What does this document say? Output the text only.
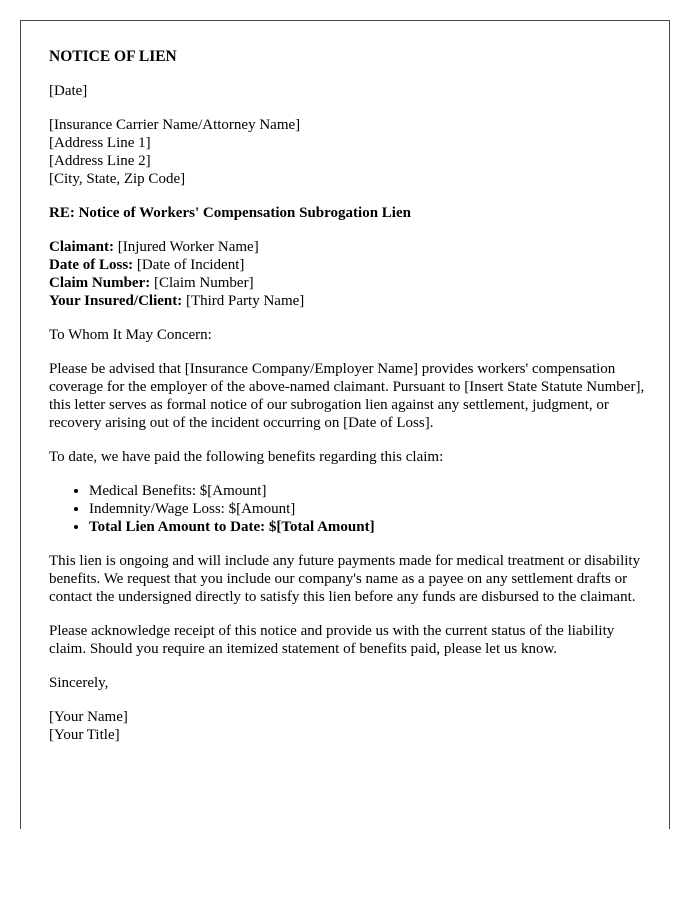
NOTICE OF LIEN

[Date]

[Insurance Carrier Name/Attorney Name]
[Address Line 1]
[Address Line 2]
[City, State, Zip Code]

RE: Notice of Workers' Compensation Subrogation Lien

Claimant: [Injured Worker Name]
Date of Loss: [Date of Incident]
Claim Number: [Claim Number]
Your Insured/Client: [Third Party Name]

To Whom It May Concern:

Please be advised that [Insurance Company/Employer Name] provides workers' compensation coverage for the employer of the above-named claimant. Pursuant to [Insert State Statute Number], this letter serves as formal notice of our subrogation lien against any settlement, judgment, or recovery arising out of the incident occurring on [Date of Loss].

To date, we have paid the following benefits regarding this claim:

• Medical Benefits: $[Amount]
• Indemnity/Wage Loss: $[Amount]
• Total Lien Amount to Date: $[Total Amount]

This lien is ongoing and will include any future payments made for medical treatment or disability benefits. We request that you include our company's name as a payee on any settlement drafts or contact the undersigned directly to satisfy this lien before any funds are disbursed to the claimant.

Please acknowledge receipt of this notice and provide us with the current status of the liability claim. Should you require an itemized statement of benefits paid, please let us know.

Sincerely,

[Your Name]
[Your Title]
